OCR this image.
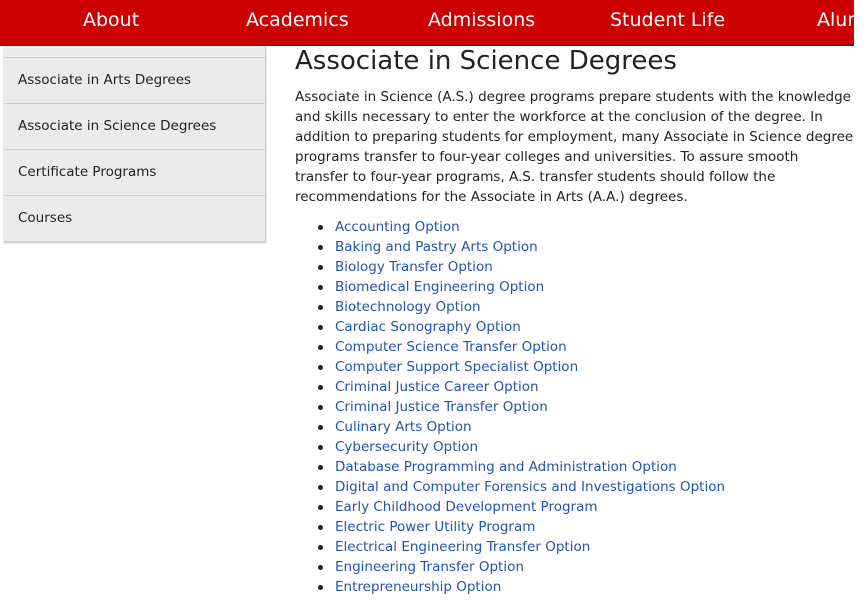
About	Academics	Admissions	Student Life	Alum
Associate in Arts Degrees
Associate in Science Degrees
Certificate Programs
Courses
Associate in Science Degrees

Associate in Science (A.S.) degree programs prepare students with the knowledge and skills necessary to enter the workforce at the conclusion of the degree. In addition to preparing students for employment, many Associate in Science degree programs transfer to four-year colleges and universities. To assure smooth transfer to four-year programs, A.S. transfer students should follow the recommendations for the Associate in Arts (A.A.) degrees.

Accounting Option
Baking and Pastry Arts Option
Biology Transfer Option
Biomedical Engineering Option
Biotechnology Option
Cardiac Sonography Option
Computer Science Transfer Option
Computer Support Specialist Option
Criminal Justice Career Option
Criminal Justice Transfer Option
Culinary Arts Option
Cybersecurity Option
Database Programming and Administration Option
Digital and Computer Forensics and Investigations Option
Early Childhood Development Program
Electric Power Utility Program
Electrical Engineering Transfer Option
Engineering Transfer Option
Entrepreneurship Option
